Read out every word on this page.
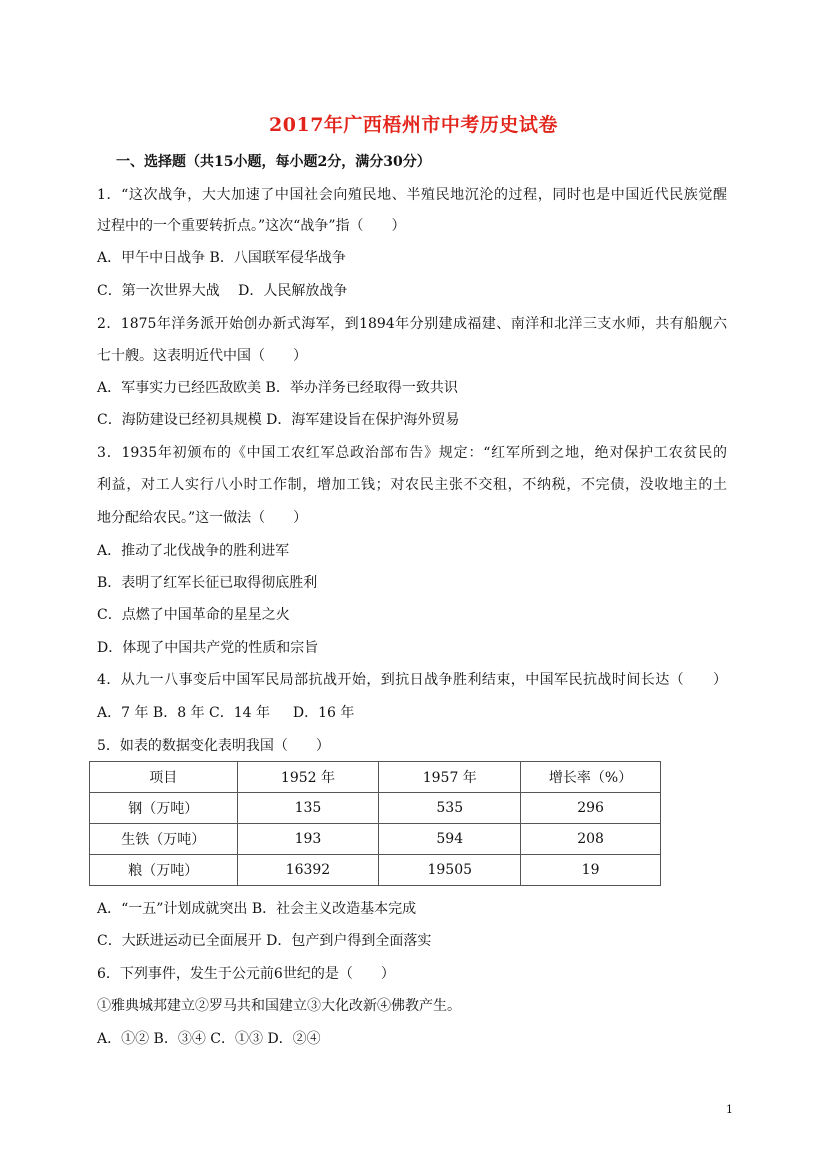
2017年广西梧州市中考历史试卷
一、选择题（共15小题，每小题2分，满分30分）
1．“这次战争，大大加速了中国社会向殖民地、半殖民地沉沦的过程，同时也是中国近代民族觉醒
过程中的一个重要转折点。”这次“战争”指（　　）
A．甲午中日战争 B．八国联军侵华战争
C．第一次世界大战　 D．人民解放战争
2．1875年洋务派开始创办新式海军，到1894年分别建成福建、南洋和北洋三支水师，共有船舰六
七十艘。这表明近代中国（　　）
A．军事实力已经匹敌欧美 B．举办洋务已经取得一致共识
C．海防建设已经初具规模 D．海军建设旨在保护海外贸易
3．1935年初颁布的《中国工农红军总政治部布告》规定：“红军所到之地，绝对保护工农贫民的
利益，对工人实行八小时工作制，增加工钱；对农民主张不交租，不纳税，不完债，没收地主的土
地分配给农民。”这一做法（　　）
A．推动了北伐战争的胜利进军
B．表明了红军长征已取得彻底胜利
C．点燃了中国革命的星星之火
D．体现了中国共产党的性质和宗旨
4．从九一八事变后中国军民局部抗战开始，到抗日战争胜利结束，中国军民抗战时间长达（　　）
A．7 年 B．8 年 C．14 年 　 D．16 年
5．如表的数据变化表明我国（　　）
项目	1952 年	1957 年	增长率（%）
钢（万吨）	135	535	296
生铁（万吨）	193	594	208
粮（万吨）	16392	19505	19
A．“一五”计划成就突出 B．社会主义改造基本完成
C．大跃进运动已全面展开 D．包产到户得到全面落实
6．下列事件，发生于公元前6世纪的是（　　）
①雅典城邦建立②罗马共和国建立③大化改新④佛教产生。
A．①② B．③④ C．①③ D．②④
1
